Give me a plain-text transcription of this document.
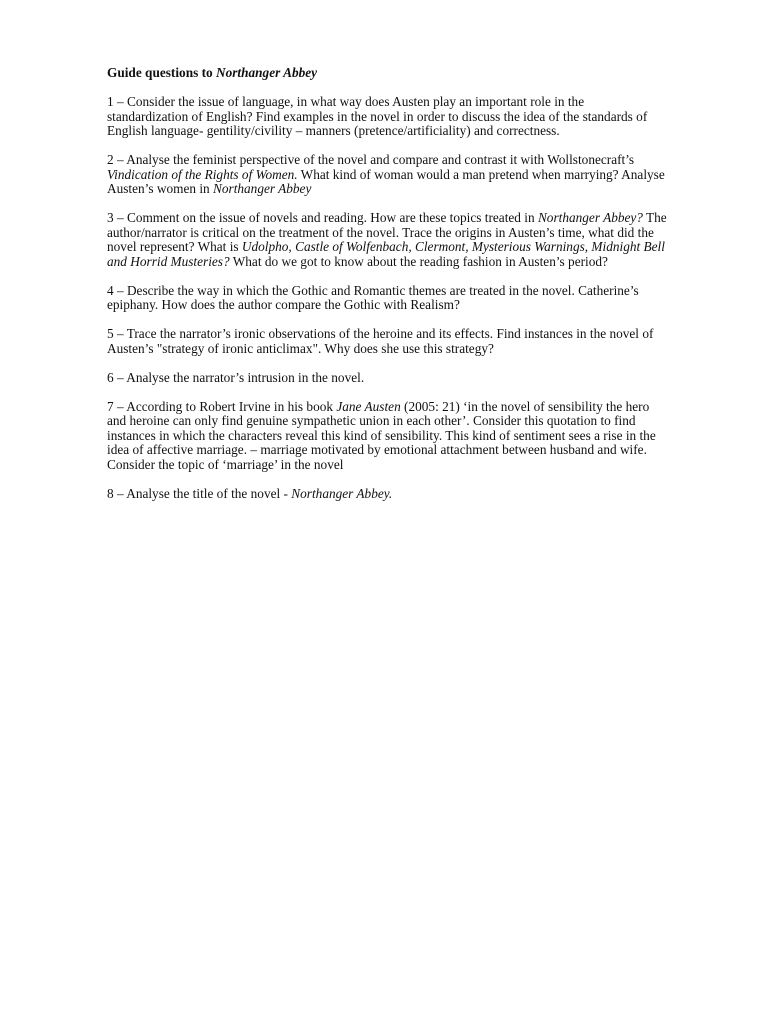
Guide questions to Northanger Abbey

1 – Consider the issue of language, in what way does Austen play an important role in the standardization of English? Find examples in the novel in order to discuss the idea of the standards of English language- gentility/civility – manners (pretence/artificiality) and correctness.

2 – Analyse the feminist perspective of the novel and compare and contrast it with Wollstonecraft’s Vindication of the Rights of Women. What kind of woman would a man pretend when marrying? Analyse Austen’s women in Northanger Abbey

3 – Comment on the issue of novels and reading. How are these topics treated in Northanger Abbey? The author/narrator is critical on the treatment of the novel. Trace the origins in Austen’s time, what did the novel represent? What is Udolpho, Castle of Wolfenbach, Clermont, Mysterious Warnings, Midnight Bell and Horrid Musteries? What do we got to know about the reading fashion in Austen’s period?

4 – Describe the way in which the Gothic and Romantic themes are treated in the novel. Catherine’s epiphany. How does the author compare the Gothic with Realism?

5 – Trace the narrator’s ironic observations of the heroine and its effects. Find instances in the novel of Austen’s "strategy of ironic anticlimax". Why does she use this strategy?

6 – Analyse the narrator’s intrusion in the novel.

7 – According to Robert Irvine in his book Jane Austen (2005: 21) ‘in the novel of sensibility the hero and heroine can only find genuine sympathetic union in each other’. Consider this quotation to find instances in which the characters reveal this kind of sensibility. This kind of sentiment sees a rise in the idea of affective marriage. – marriage motivated by emotional attachment between husband and wife. Consider the topic of ‘marriage’ in the novel

8 – Analyse the title of the novel - Northanger Abbey.
